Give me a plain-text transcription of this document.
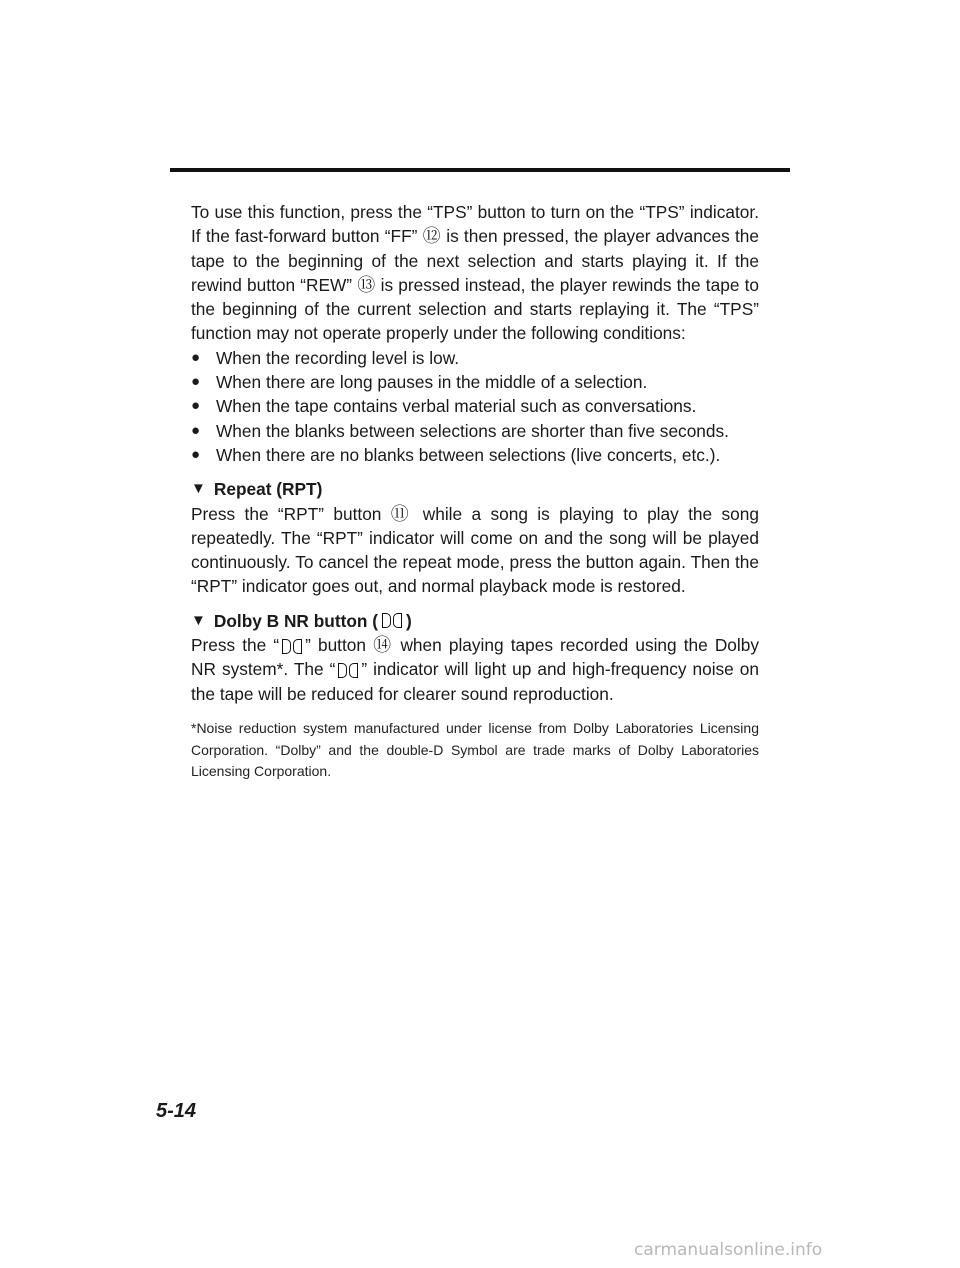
To use this function, press the “TPS” button to turn on the “TPS” indicator. If the fast-forward button “FF” ⑫ is then pressed, the player advances the tape to the beginning of the next selection and starts playing it. If the rewind button “REW” ⑬ is pressed instead, the player rewinds the tape to the beginning of the current selection and starts replaying it. The “TPS” function may not operate properly under the following conditions:

● When the recording level is low.
● When there are long pauses in the middle of a selection.
● When the tape contains verbal material such as conversations.
● When the blanks between selections are shorter than five seconds.
● When there are no blanks between selections (live concerts, etc.).
▼ Repeat (RPT)

Press the “RPT” button ⑪ while a song is playing to play the song repeatedly. The “RPT” indicator will come on and the song will be played continuously. To cancel the repeat mode, press the button again. Then the “RPT” indicator goes out, and normal playback mode is restored.

▼ Dolby B NR button ( )

Press the “ ” button ⑭ when playing tapes recorded using the Dolby NR system*. The “ ” indicator will light up and high-frequency noise on the tape will be reduced for clearer sound reproduction.

*Noise reduction system manufactured under license from Dolby Laboratories Licensing Corporation. “Dolby” and the double-D Symbol are trade marks of Dolby Laboratories Licensing Corporation.

5-14
carmanualsonline.info
